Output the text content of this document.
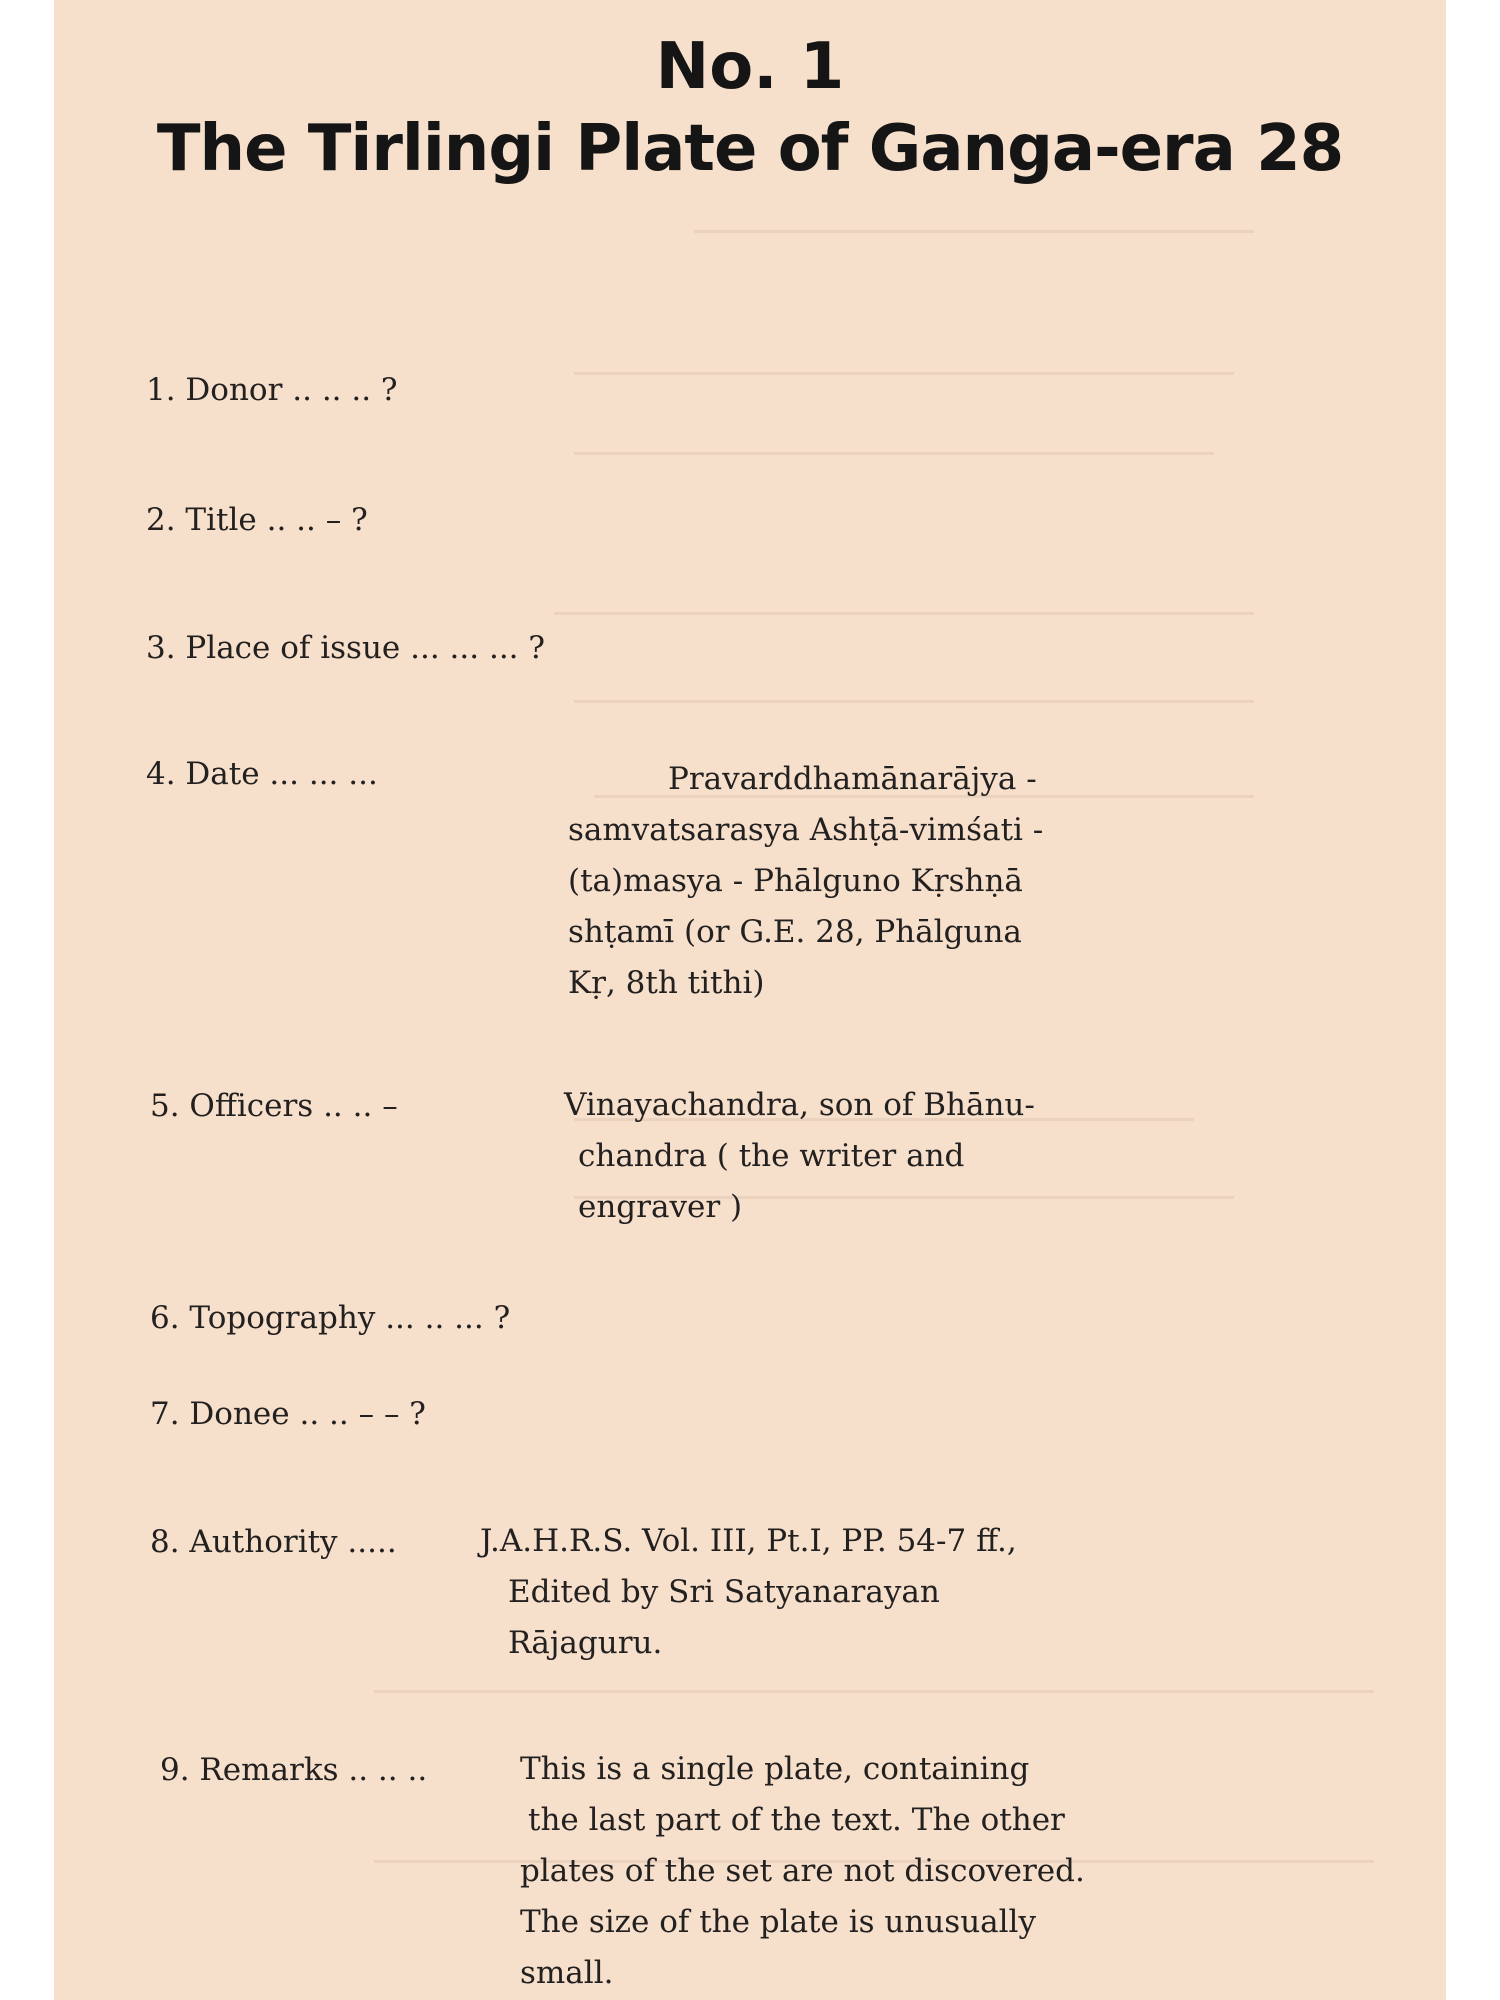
No. 1
The Tirlingi Plate of Ganga-era 28
1. Donor .. .. .. ?
2. Title .. .. – ?
3. Place of issue ... ... ... ?
4. Date ... ... ...	Pravarddhamānarājya -
samvatsarasya Ashṭā-vimśati -
(ta)masya - Phālguno Kṛshṇā
shṭamī (or G.E. 28, Phālguna
Kṛ, 8th tithi)
5. Officers .. .. –	Vinayachandra, son of Bhānu-
chandra ( the writer and
engraver )
6. Topography ... .. ... ?
7. Donee .. .. – – ?
8. Authority .....	J.A.H.R.S. Vol. III, Pt.I, PP. 54-7 ff.,
Edited by Sri Satyanarayan
Rājaguru.
9. Remarks .. .. ..	This is a single plate, containing
the last part of the text. The other
plates of the set are not discovered.
The size of the plate is unusually
small.
